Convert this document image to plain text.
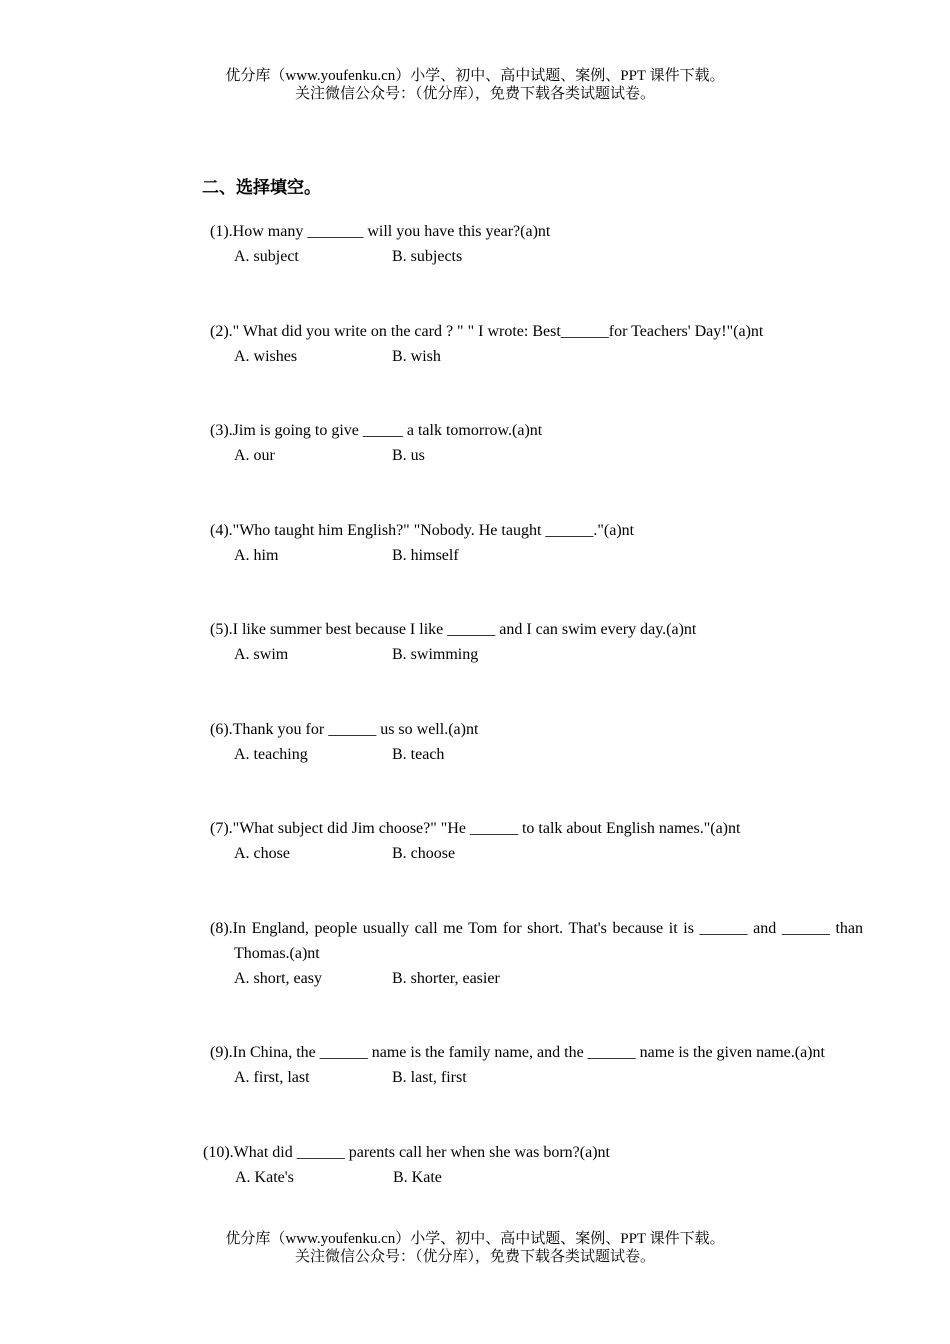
优分库（www.youfenku.cn）小学、初中、高中试题、案例、PPT 课件下载。
关注微信公众号：（优分库），免费下载各类试题试卷。
二、选择填空。
(1).How many _______ will you have this year?(a)nt
A. subject	B. subjects
(2)." What did you write on the card ? " " I wrote: Best______for Teachers' Day!"(a)nt
A. wishes	B. wish
(3).Jim is going to give _____ a talk tomorrow.(a)nt
A. our	B. us
(4)."Who taught him English?" "Nobody. He taught ______."(a)nt
A. him	B. himself
(5).I like summer best because I like ______ and I can swim every day.(a)nt
A. swim	B. swimming
(6).Thank you for ______ us so well.(a)nt
A. teaching	B. teach
(7)."What subject did Jim choose?" "He ______ to talk about English names."(a)nt
A. chose	B. choose
(8).In England, people usually call me Tom for short. That's because it is ______ and ______ than Thomas.(a)nt
A. short, easy	B. shorter, easier
(9).In China, the ______ name is the family name, and the ______ name is the given name.(a)nt
A. first, last	B. last, first
(10).What did ______ parents call her when she was born?(a)nt
A. Kate's	B. Kate
优分库（www.youfenku.cn）小学、初中、高中试题、案例、PPT 课件下载。
关注微信公众号：（优分库），免费下载各类试题试卷。
